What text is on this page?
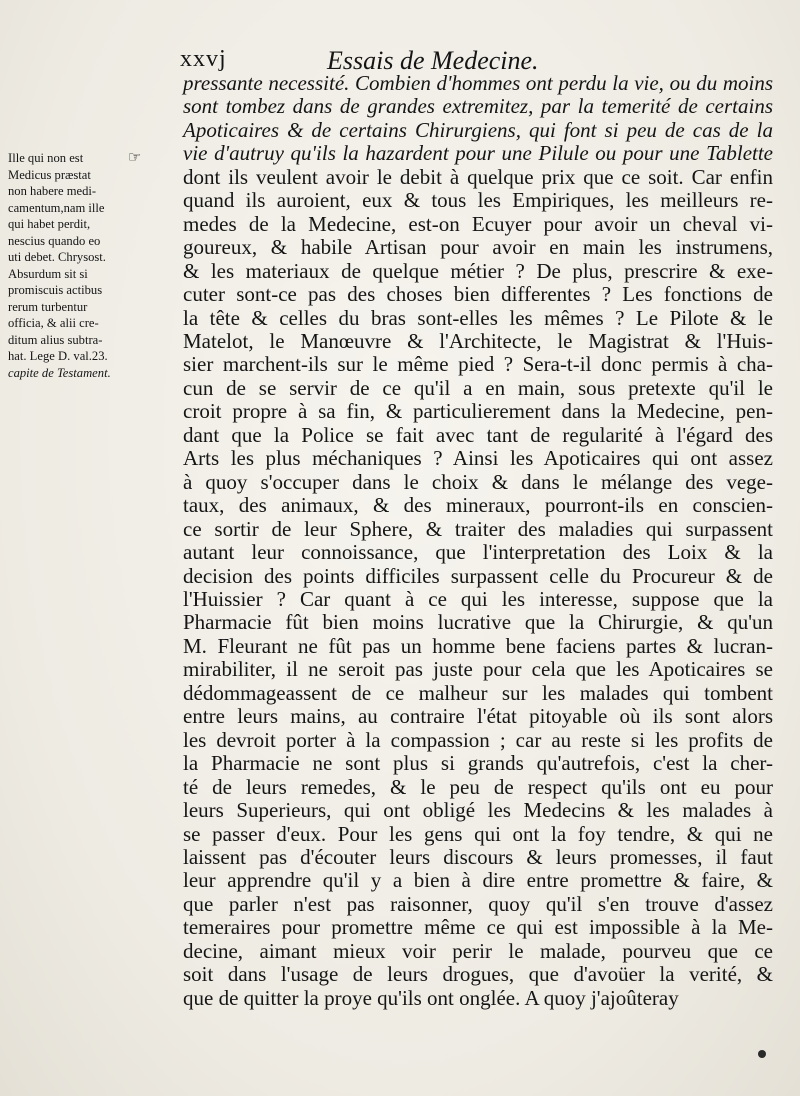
xxvj	Essais de Medecine.
☞
Ille qui non est
Medicus præstat
non habere medi-
camentum,nam ille
qui habet perdit,
nescius quando eo
uti debet. Chrysost.
Absurdum sit si
promiscuis actibus
rerum turbentur
officia, & alii cre-
ditum alius subtra-
hat. Lege D. val.23.
capite de Testament.
pressante necessité. Combien d'hommes ont perdu la vie, ou du moins
sont tombez dans de grandes extremitez, par la temerité de certains
Apoticaires & de certains Chirurgiens, qui font si peu de cas de la
vie d'autruy qu'ils la hazardent pour une Pilule ou pour une Tablette
dont ils veulent avoir le debit à quelque prix que ce soit. Car enfin
quand ils auroient, eux & tous les Empiriques, les meilleurs re-
medes de la Medecine, est-on Ecuyer pour avoir un cheval vi-
goureux, & habile Artisan pour avoir en main les instrumens,
& les materiaux de quelque métier ? De plus, prescrire & exe-
cuter sont-ce pas des choses bien differentes ? Les fonctions de
la tête & celles du bras sont-elles les mêmes ? Le Pilote & le
Matelot, le Manœuvre & l'Architecte, le Magistrat & l'Huis-
sier marchent-ils sur le même pied ? Sera-t-il donc permis à cha-
cun de se servir de ce qu'il a en main, sous pretexte qu'il le
croit propre à sa fin, & particulierement dans la Medecine, pen-
dant que la Police se fait avec tant de regularité à l'égard des
Arts les plus méchaniques ? Ainsi les Apoticaires qui ont assez
à quoy s'occuper dans le choix & dans le mélange des vege-
taux, des animaux, & des mineraux, pourront-ils en conscien-
ce sortir de leur Sphere, & traiter des maladies qui surpassent
autant leur connoissance, que l'interpretation des Loix & la
decision des points difficiles surpassent celle du Procureur & de
l'Huissier ? Car quant à ce qui les interesse, suppose que la
Pharmacie fût bien moins lucrative que la Chirurgie, & qu'un
M. Fleurant ne fût pas un homme bene faciens partes & lucran-
mirabiliter, il ne seroit pas juste pour cela que les Apoticaires se
dédommageassent de ce malheur sur les malades qui tombent
entre leurs mains, au contraire l'état pitoyable où ils sont alors
les devroit porter à la compassion ; car au reste si les profits de
la Pharmacie ne sont plus si grands qu'autrefois, c'est la cher-
té de leurs remedes, & le peu de respect qu'ils ont eu pour
leurs Superieurs, qui ont obligé les Medecins & les malades à
se passer d'eux. Pour les gens qui ont la foy tendre, & qui ne
laissent pas d'écouter leurs discours & leurs promesses, il faut
leur apprendre qu'il y a bien à dire entre promettre & faire, &
que parler n'est pas raisonner, quoy qu'il s'en trouve d'assez
temeraires pour promettre même ce qui est impossible à la Me-
decine, aimant mieux voir perir le malade, pourveu que ce
soit dans l'usage de leurs drogues, que d'avoüer la verité, &
que de quitter la proye qu'ils ont onglée. A quoy j'ajoûteray
